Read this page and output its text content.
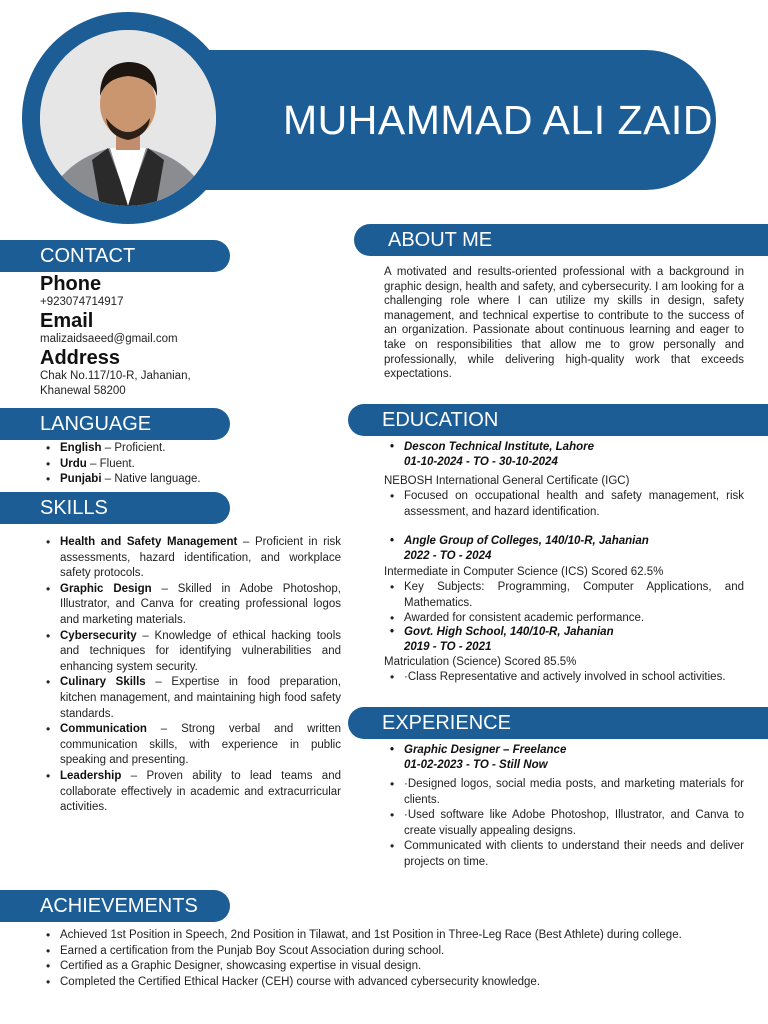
MUHAMMAD ALI ZAID
CONTACT
Phone
+923074714917
Email
malizaidsaeed@gmail.com
Address
Chak No.117/10-R, Jahanian,
Khanewal 58200
LANGUAGE
• English – Proficient.
• Urdu – Fluent.
• Punjabi – Native language.
SKILLS
• Health and Safety Management – Proficient in risk assessments, hazard identification, and workplace safety protocols.
• Graphic Design – Skilled in Adobe Photoshop, Illustrator, and Canva for creating professional logos and marketing materials.
• Cybersecurity – Knowledge of ethical hacking tools and techniques for identifying vulnerabilities and enhancing system security.
• Culinary Skills – Expertise in food preparation, kitchen management, and maintaining high food safety standards.
• Communication – Strong verbal and written communication skills, with experience in public speaking and presenting.
• Leadership – Proven ability to lead teams and collaborate effectively in academic and extracurricular activities.
ABOUT ME
A motivated and results-oriented professional with a background in graphic design, health and safety, and cybersecurity. I am looking for a challenging role where I can utilize my skills in design, safety management, and technical expertise to contribute to the success of an organization. Passionate about continuous learning and eager to take on responsibilities that allow me to grow personally and professionally, while delivering high-quality work that exceeds expectations.
EDUCATION
• Descon Technical Institute, Lahore
01-10-2024 - TO - 30-10-2024
NEBOSH International General Certificate (IGC)
• Focused on occupational health and safety management, risk assessment, and hazard identification.
• Angle Group of Colleges, 140/10-R, Jahanian
2022 - TO - 2024
Intermediate in Computer Science (ICS) Scored 62.5%
• Key Subjects: Programming, Computer Applications, and Mathematics.
• Awarded for consistent academic performance.
• Govt. High School, 140/10-R, Jahanian
2019 - TO - 2021
Matriculation (Science) Scored 85.5%
• ·Class Representative and actively involved in school activities.
EXPERIENCE
• Graphic Designer – Freelance
01-02-2023 - TO - Still Now
• ·Designed logos, social media posts, and marketing materials for clients.
• ·Used software like Adobe Photoshop, Illustrator, and Canva to create visually appealing designs.
• Communicated with clients to understand their needs and deliver projects on time.
ACHIEVEMENTS
• Achieved 1st Position in Speech, 2nd Position in Tilawat, and 1st Position in Three-Leg Race (Best Athlete) during college.
• Earned a certification from the Punjab Boy Scout Association during school.
• Certified as a Graphic Designer, showcasing expertise in visual design.
• Completed the Certified Ethical Hacker (CEH) course with advanced cybersecurity knowledge.
